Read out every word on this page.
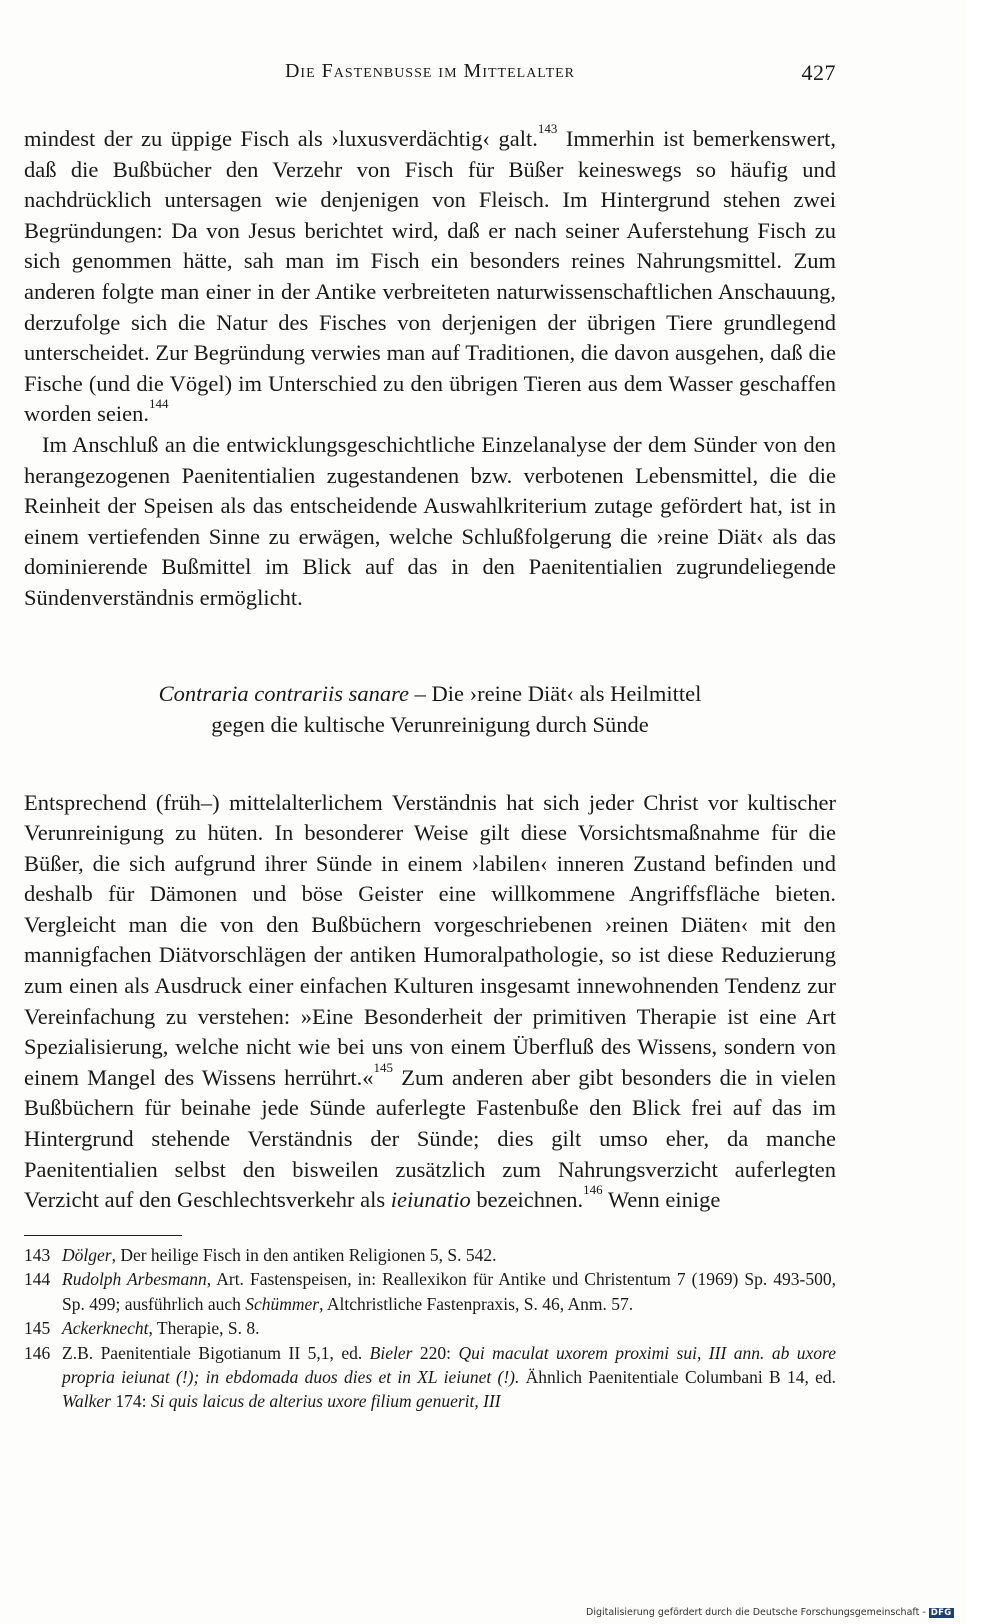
Die Fastenbusse im Mittelalter	427

mindest der zu üppige Fisch als ›luxusverdächtig‹ galt.$^{143}$ Immerhin ist bemerkenswert, daß die Bußbücher den Verzehr von Fisch für Büßer keineswegs so häufig und nachdrücklich untersagen wie denjenigen von Fleisch. Im Hintergrund stehen zwei Begründungen: Da von Jesus berichtet wird, daß er nach seiner Auferstehung Fisch zu sich genommen hätte, sah man im Fisch ein besonders reines Nahrungsmittel. Zum anderen folgte man einer in der Antike verbreiteten naturwissenschaftlichen Anschauung, derzufolge sich die Natur des Fisches von derjenigen der übrigen Tiere grundlegend unterscheidet. Zur Begründung verwies man auf Traditionen, die davon ausgehen, daß die Fische (und die Vögel) im Unterschied zu den übrigen Tieren aus dem Wasser geschaffen worden seien.$^{144}$

Im Anschluß an die entwicklungsgeschichtliche Einzelanalyse der dem Sünder von den herangezogenen Paenitentialien zugestandenen bzw. verbotenen Lebensmittel, die die Reinheit der Speisen als das entscheidende Auswahlkriterium zutage gefördert hat, ist in einem vertiefenden Sinne zu erwägen, welche Schlußfolgerung die ›reine Diät‹ als das dominierende Bußmittel im Blick auf das in den Paenitentialien zugrundeliegende Sündenverständnis ermöglicht.

Contraria contrariis sanare – Die ›reine Diät‹ als Heilmittel
gegen die kultische Verunreinigung durch Sünde

Entsprechend (früh–) mittelalterlichem Verständnis hat sich jeder Christ vor kultischer Verunreinigung zu hüten. In besonderer Weise gilt diese Vorsichtsmaßnahme für die Büßer, die sich aufgrund ihrer Sünde in einem ›labilen‹ inneren Zustand befinden und deshalb für Dämonen und böse Geister eine willkommene Angriffsfläche bieten. Vergleicht man die von den Bußbüchern vorgeschriebenen ›reinen Diäten‹ mit den mannigfachen Diätvorschlägen der antiken Humoralpathologie, so ist diese Reduzierung zum einen als Ausdruck einer einfachen Kulturen insgesamt innewohnenden Tendenz zur Vereinfachung zu verstehen: »Eine Besonderheit der primitiven Therapie ist eine Art Spezialisierung, welche nicht wie bei uns von einem Überfluß des Wissens, sondern von einem Mangel des Wissens herrührt.«$^{145}$ Zum anderen aber gibt besonders die in vielen Bußbüchern für beinahe jede Sünde auferlegte Fastenbuße den Blick frei auf das im Hintergrund stehende Verständnis der Sünde; dies gilt umso eher, da manche Paenitentialien selbst den bisweilen zusätzlich zum Nahrungsverzicht auferlegten Verzicht auf den Geschlechtsverkehr als ieiunatio bezeichnen.$^{146}$ Wenn einige

143 Dölger, Der heilige Fisch in den antiken Religionen 5, S. 542.

144 Rudolph Arbesmann, Art. Fastenspeisen, in: Reallexikon für Antike und Christentum 7 (1969) Sp. 493-500, Sp. 499; ausführlich auch Schümmer, Altchristliche Fastenpraxis, S. 46, Anm. 57.

145 Ackerknecht, Therapie, S. 8.

146 Z.B. Paenitentiale Bigotianum II 5,1, ed. Bieler 220: Qui maculat uxorem proximi sui, III ann. ab uxore propria ieiunat (!); in ebdomada duos dies et in XL ieiunet (!). Ähnlich Paenitentiale Columbani B 14, ed. Walker 174: Si quis laicus de alterius uxore filium genuerit, III

Digitalisierung gefördert durch die Deutsche Forschungsgemeinschaft - DFG
